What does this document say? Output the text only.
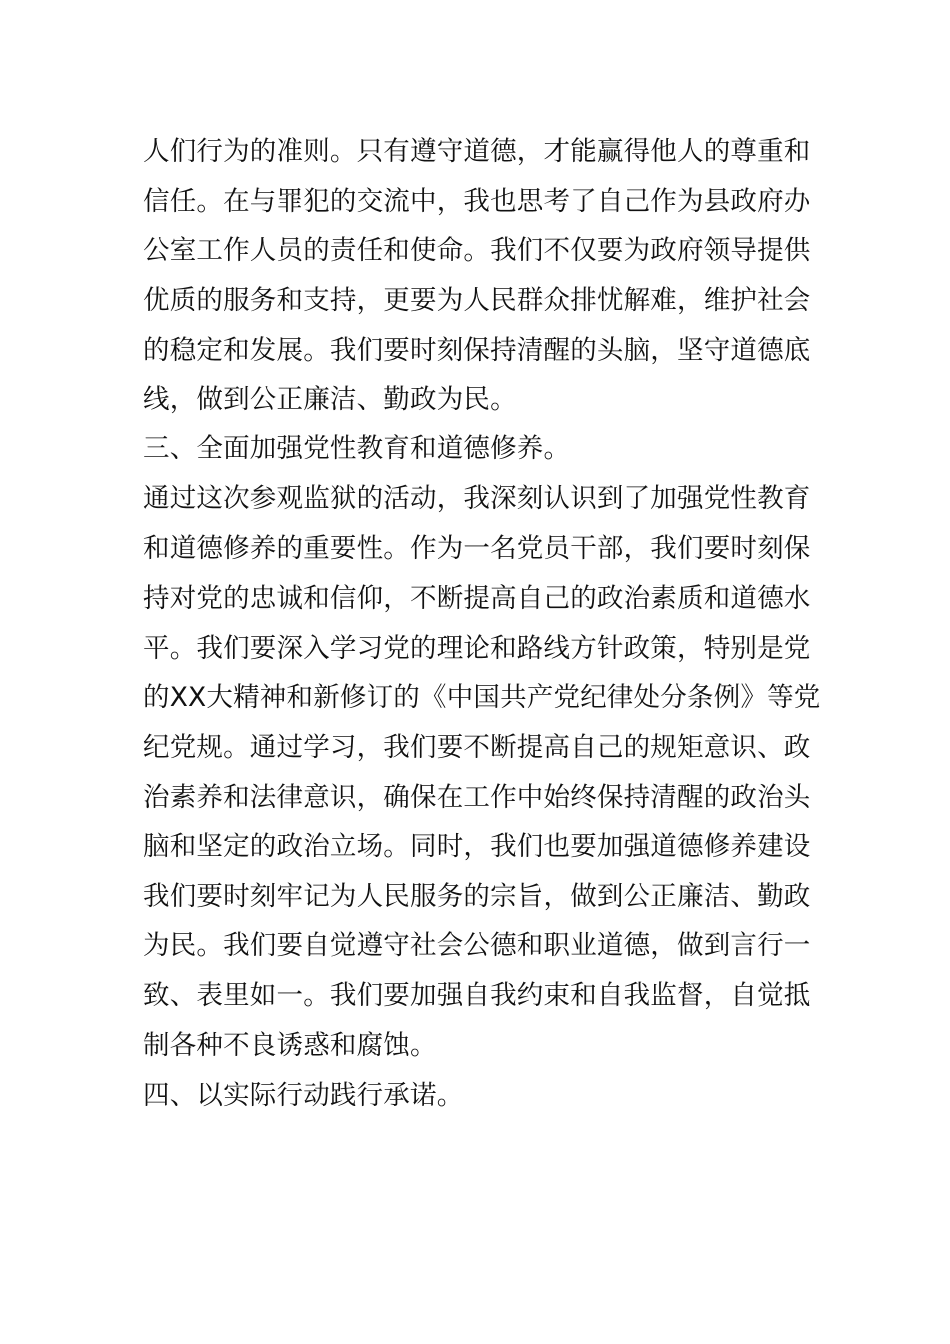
人们行为的准则。只有遵守道德，才能赢得他人的尊重和
信任。在与罪犯的交流中，我也思考了自己作为县政府办
公室工作人员的责任和使命。我们不仅要为政府领导提供
优质的服务和支持，更要为人民群众排忧解难，维护社会
的稳定和发展。我们要时刻保持清醒的头脑，坚守道德底
线，做到公正廉洁、勤政为民。
三、全面加强党性教育和道德修养。
通过这次参观监狱的活动，我深刻认识到了加强党性教育
和道德修养的重要性。作为一名党员干部，我们要时刻保
持对党的忠诚和信仰，不断提高自己的政治素质和道德水
平。我们要深入学习党的理论和路线方针政策，特别是党
的XX大精神和新修订的《中国共产党纪律处分条例》等党
纪党规。通过学习，我们要不断提高自己的规矩意识、政
治素养和法律意识，确保在工作中始终保持清醒的政治头
脑和坚定的政治立场。同时，我们也要加强道德修养建设
我们要时刻牢记为人民服务的宗旨，做到公正廉洁、勤政
为民。我们要自觉遵守社会公德和职业道德，做到言行一
致、表里如一。我们要加强自我约束和自我监督，自觉抵
制各种不良诱惑和腐蚀。
四、以实际行动践行承诺。
